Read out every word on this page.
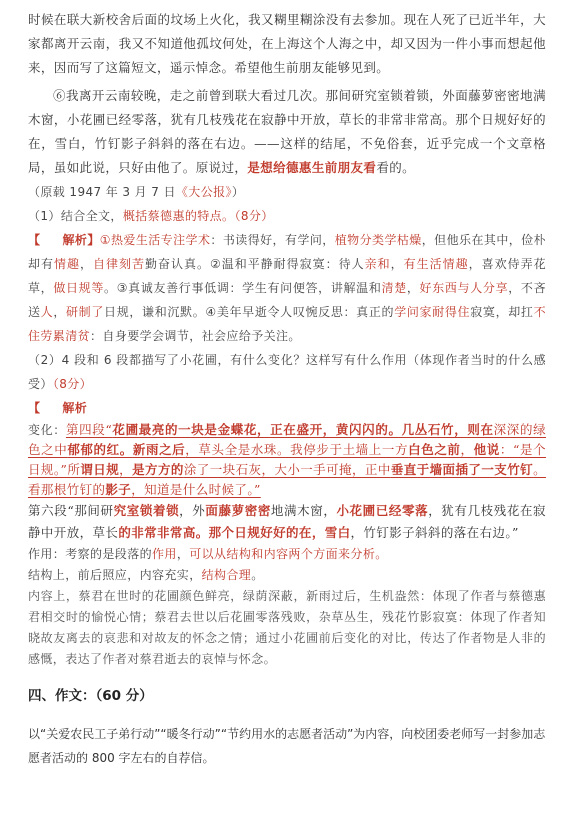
时候在联大新校舍后面的坟场上火化，我又糊里糊涂没有去参加。现在人死了已近半年，大家都离开云南，我又不知道他孤坟何处，在上海这个人海之中，却又因为一件小事而想起他来，因而写了这篇短文，遥示悼念。希望他生前朋友能够见到。

⑥我离开云南较晚，走之前曾到联大看过几次。那间研究室锁着锁，外面藤萝密密地满木窗，小花圃已经零落，犹有几枝残花在寂静中开放，草长的非常非常高。那个日规好好的在，雪白，竹钉影子斜斜的落在右边。——这样的结尾，不免俗套，近乎完成一个文章格局，虽如此说，只好由他了。原说过，是想给德惠生前朋友看看的。

（原载 1947 年 3 月 7 日《大公报》）

（1）结合全文，概括蔡德惠的特点。（8分）

【 解析】①热爱生活专注学术：书读得好，有学问，植物分类学枯燥，但他乐在其中，俭朴却有情趣，自律刻苦勤奋认真。②温和平静耐得寂寞：待人亲和，有生活情趣，喜欢侍弄花草，做日规等。③真诚友善行事低调：学生有问便答，讲解温和清楚，好东西与人分享，不吝送人，研制了日规，谦和沉默。④美年早逝令人叹惋反思：真正的学问家耐得住寂寞，却扛不住劳累清贫：自身要学会调节，社会应给予关注。

（2）4 段和 6 段都描写了小花圃，有什么变化？这样写有什么作用（体现作者当时的什么感受）（8分）

【 解析

变化：第四段“花圃最亮的一块是金蝶花，正在盛开，黄闪闪的。几丛石竹，则在深深的绿色之中郁郁的红。新雨之后，草头全是水珠。我停步于土墙上一方白色之前，他说：“是个日规。”所谓日规，是方方的涂了一块石灰，大小一手可掩，正中垂直于墙面插了一支竹钉。看那根竹钉的影子，知道是什么时候了。”

第六段“那间研究室锁着锁，外面藤萝密密地满木窗，小花圃已经零落，犹有几枝残花在寂静中开放，草长的非常非常高。那个日规好好的在，雪白，竹钉影子斜斜的落在右边。”

作用：考察的是段落的作用，可以从结构和内容两个方面来分析。

结构上，前后照应，内容充实，结构合理。

内容上，蔡君在世时的花圃颜色鲜亮，绿荫深蔽，新雨过后，生机盎然：体现了作者与蔡德惠君相交时的愉悦心情；蔡君去世以后花圃零落残败，杂草丛生，残花竹影寂寞：体现了作者知晓故友离去的哀悲和对故友的怀念之情；通过小花圃前后变化的对比，传达了作者物是人非的感慨，表达了作者对蔡君逝去的哀悼与怀念。

四、作文：（60 分）

以“关爱农民工子弟行动”“暖冬行动”“节约用水的志愿者活动”为内容，向校团委老师写一封参加志愿者活动的 800 字左右的自荐信。
